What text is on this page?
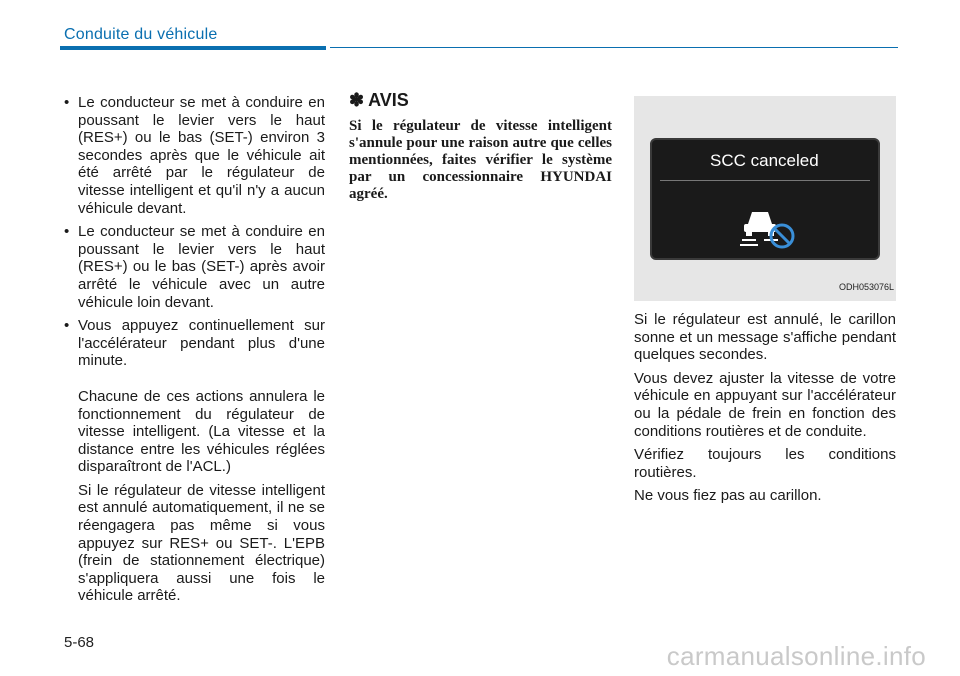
Conduite du véhicule
• Le conducteur se met à conduire en poussant le levier vers le haut (RES+) ou le bas (SET-) environ 3 secondes après que le véhicule ait été arrêté par le régulateur de vitesse intelligent et qu'il n'y a aucun véhicule devant.
• Le conducteur se met à conduire en poussant le levier vers le haut (RES+) ou le bas (SET-) après avoir arrêté le véhicule avec un autre véhicule loin devant.
• Vous appuyez continuellement sur l'accélérateur pendant plus d'une minute.
Chacune de ces actions annulera le fonctionnement du régulateur de vitesse intelligent. (La vitesse et la distance entre les véhicules réglées disparaîtront de l'ACL.)
Si le régulateur de vitesse intelligent est annulé automatiquement, il ne se réengagera pas même si vous appuyez sur RES+ ou SET-. L'EPB (frein de stationnement électrique) s'appliquera aussi une fois le véhicule arrêté.
✽ AVIS
Si le régulateur de vitesse intelligent s'annule pour une raison autre que celles mentionnées, faites vérifier le système par un concessionnaire HYUNDAI agréé.
SCC canceled
ODH053076L

Si le régulateur est annulé, le carillon sonne et un message s'affiche pendant quelques secondes.

Vous devez ajuster la vitesse de votre véhicule en appuyant sur l'accélérateur ou la pédale de frein en fonction des conditions routières et de conduite.

Vérifiez toujours les conditions routières.

Ne vous fiez pas au carillon.

5-68	carmanualsonline.info
